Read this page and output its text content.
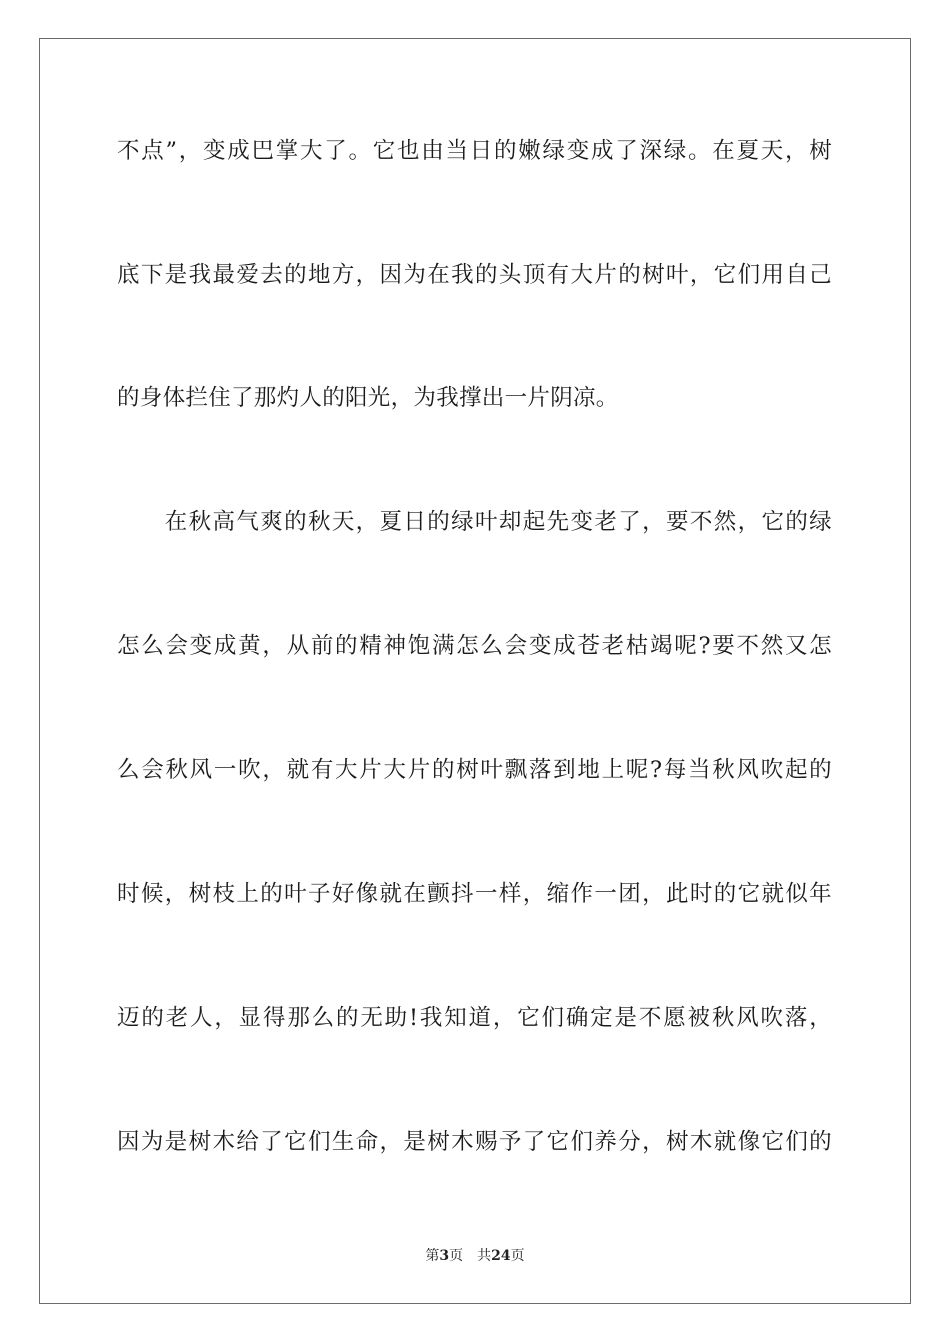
不点”，变成巴掌大了。它也由当日的嫩绿变成了深绿。在夏天，树
底下是我最爱去的地方，因为在我的头顶有大片的树叶，它们用自己
的身体拦住了那灼人的阳光，为我撑出一片阴凉。
　　在秋高气爽的秋天，夏日的绿叶却起先变老了，要不然，它的绿
怎么会变成黄，从前的精神饱满怎么会变成苍老枯竭呢?要不然又怎
么会秋风一吹，就有大片大片的树叶飘落到地上呢?每当秋风吹起的
时候，树枝上的叶子好像就在颤抖一样，缩作一团，此时的它就似年
迈的老人，显得那么的无助!我知道，它们确定是不愿被秋风吹落，
因为是树木给了它们生命，是树木赐予了它们养分，树木就像它们的
第3页 共24页
